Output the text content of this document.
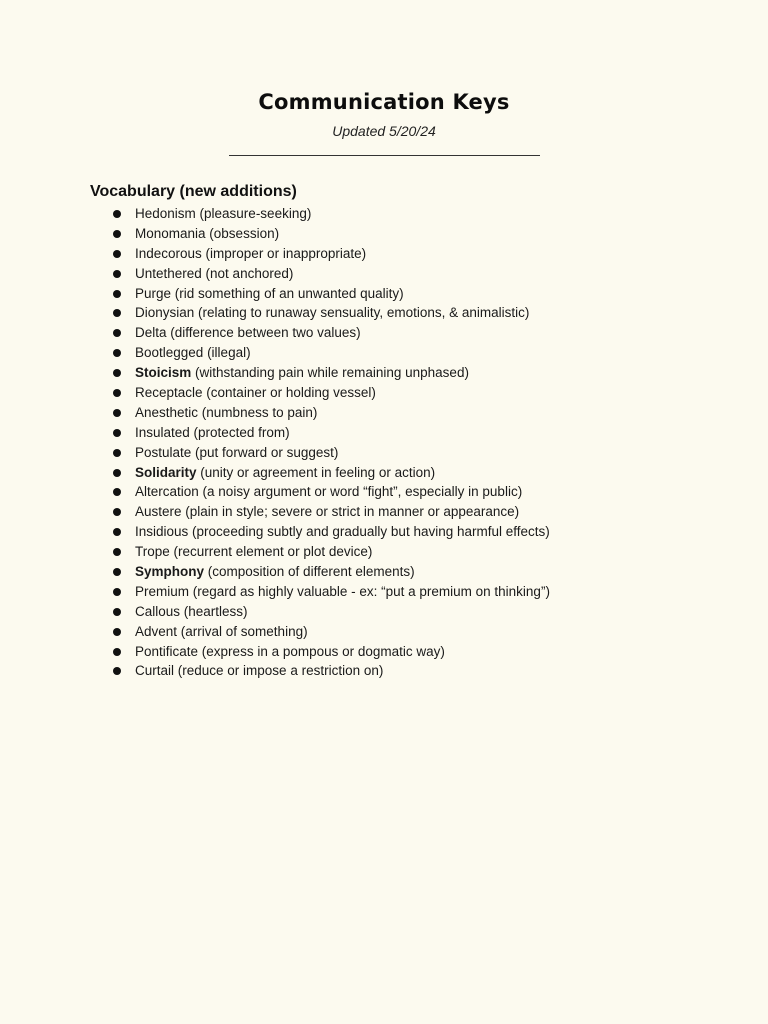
Communication Keys

Updated 5/20/24

Vocabulary (new additions)
Hedonism (pleasure-seeking)
Monomania (obsession)
Indecorous (improper or inappropriate)
Untethered (not anchored)
Purge (rid something of an unwanted quality)
Dionysian (relating to runaway sensuality, emotions, & animalistic)
Delta (difference between two values)
Bootlegged (illegal)
Stoicism (withstanding pain while remaining unphased)
Receptacle (container or holding vessel)
Anesthetic (numbness to pain)
Insulated (protected from)
Postulate (put forward or suggest)
Solidarity (unity or agreement in feeling or action)
Altercation (a noisy argument or word “fight”, especially in public)
Austere (plain in style; severe or strict in manner or appearance)
Insidious (proceeding subtly and gradually but having harmful effects)
Trope (recurrent element or plot device)
Symphony (composition of different elements)
Premium (regard as highly valuable - ex: “put a premium on thinking”)
Callous (heartless)
Advent (arrival of something)
Pontificate (express in a pompous or dogmatic way)
Curtail (reduce or impose a restriction on)
